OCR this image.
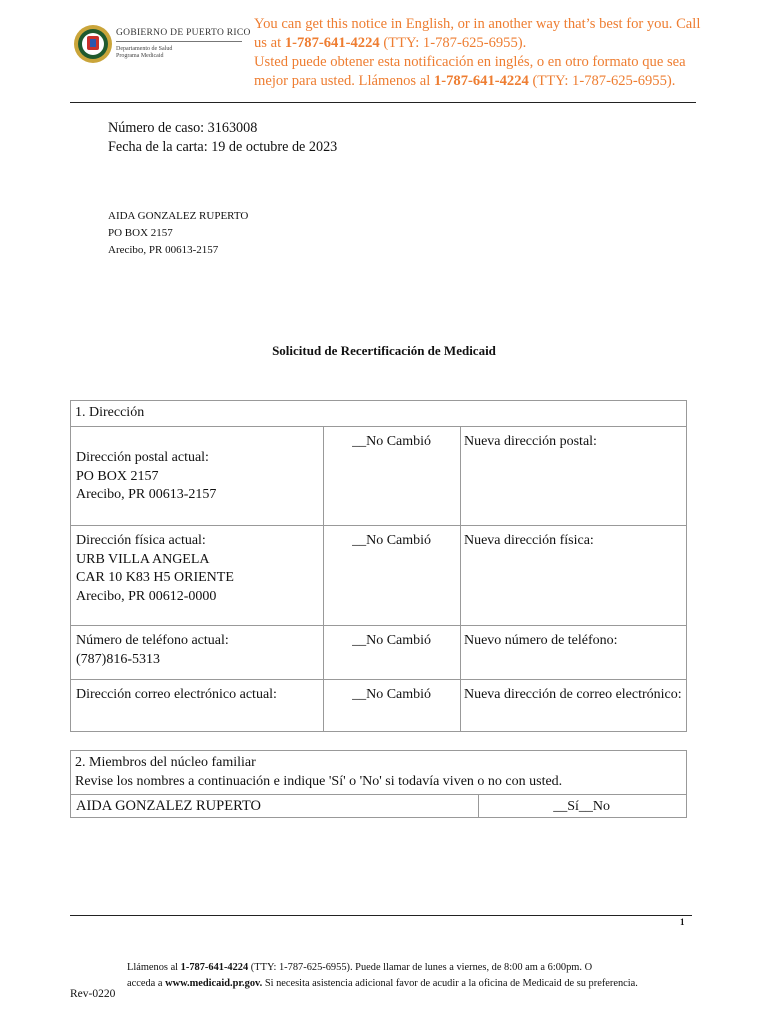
GOBIERNO DE PUERTO RICO
Departamento de Salud
Programa Medicaid
You can get this notice in English, or in another way that’s best for you. Call us at 1-787-641-4224 (TTY: 1-787-625-6955).
Usted puede obtener esta notificación en inglés, o en otro formato que sea mejor para usted. Llámenos al 1-787-641-4224 (TTY: 1-787-625-6955).
Número de caso: 3163008
Fecha de la carta: 19 de octubre de 2023
AIDA GONZALEZ RUPERTO
PO BOX 2157
Arecibo, PR 00613-2157
Solicitud de Recertificación de Medicaid
1. Dirección		

Dirección postal actual:
PO BOX 2157
Arecibo, PR 00613-2157	__No Cambió	Nueva dirección postal:

Dirección física actual:
URB VILLA ANGELA
CAR 10 K83 H5 ORIENTE
Arecibo, PR 00612-0000	__No Cambió	Nueva dirección física:

Número de teléfono actual:
(787)816-5313	__No Cambió	Nuevo número de teléfono:

Dirección correo electrónico actual:	__No Cambió	Nueva dirección de correo electrónico:
2. Miembros del núcleo familiar
Revise los nombres a continuación e indique 'Sí' o 'No' si todavía viven o no con usted.

AIDA GONZALEZ RUPERTO	__Sí__No
1
Llámenos al 1-787-641-4224 (TTY: 1-787-625-6955). Puede llamar de lunes a viernes, de 8:00 am a 6:00pm. O
acceda a www.medicaid.pr.gov. Si necesita asistencia adicional favor de acudir a la oficina de Medicaid de su preferencia.
Rev-0220
